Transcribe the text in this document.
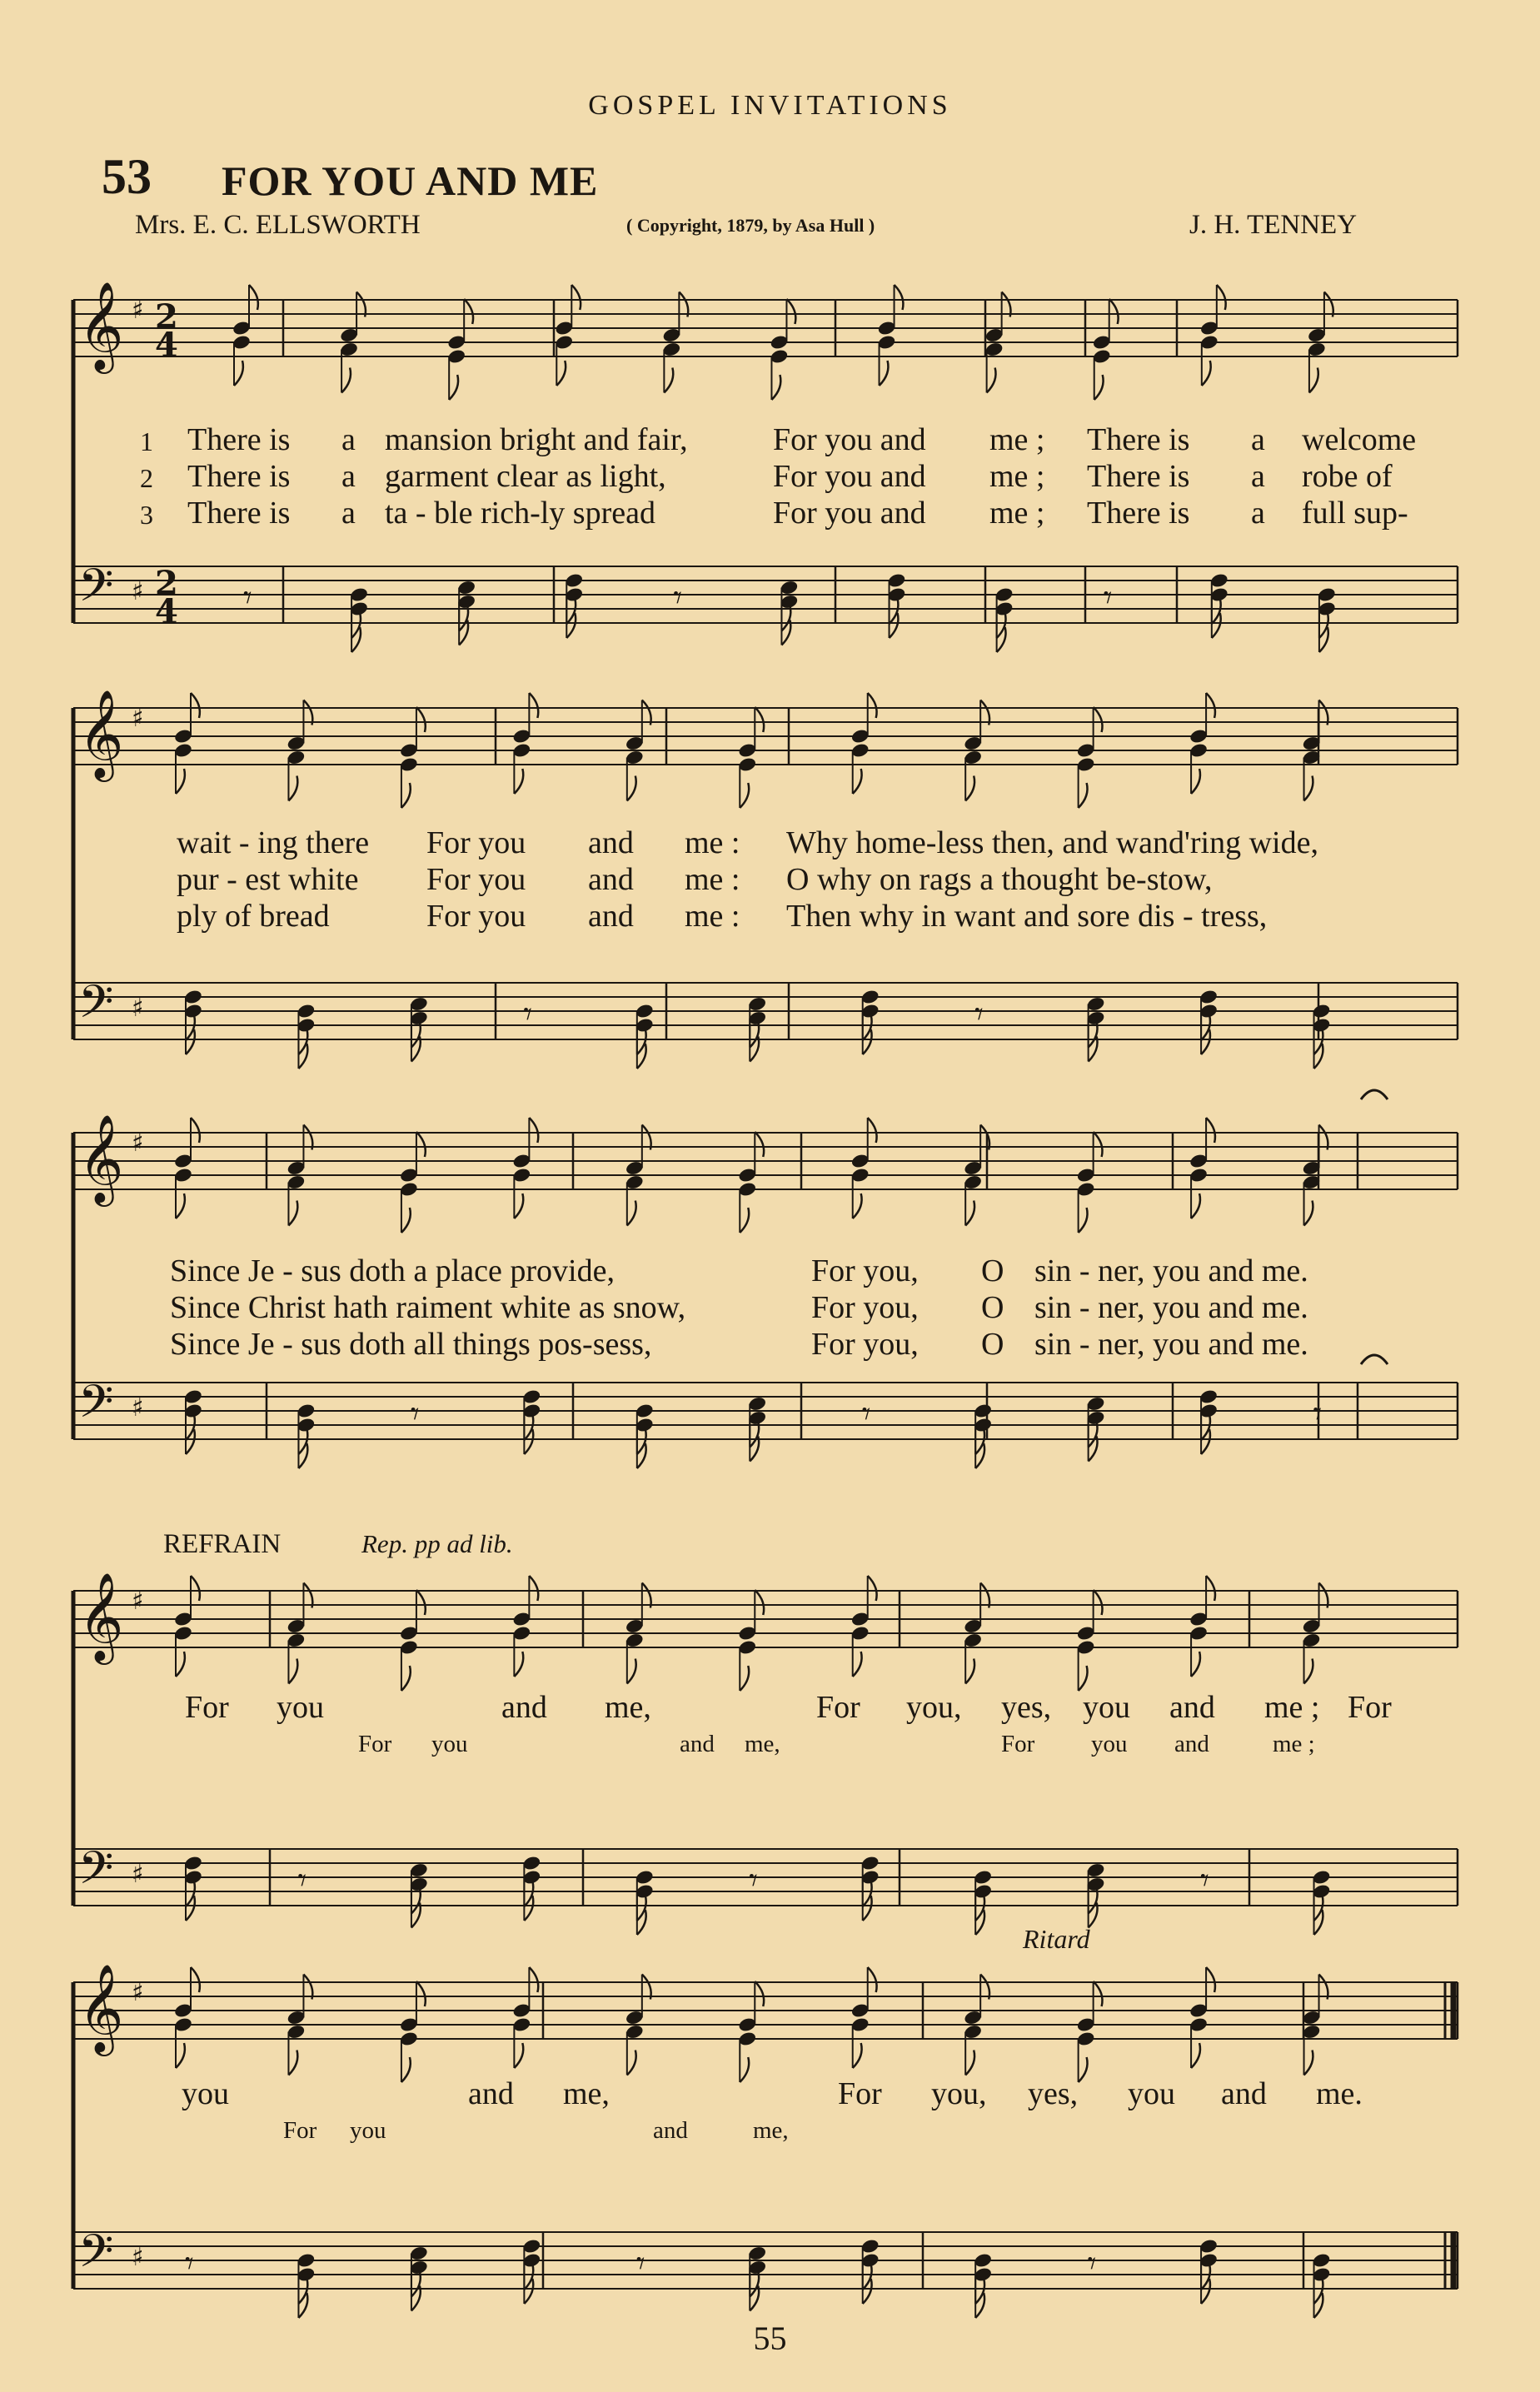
GOSPEL INVITATIONS
53 FOR YOU AND ME
Mrs. E. C. ELLSWORTH	( Copyright, 1879, by Asa Hull )	J. H. TENNEY
REFRAIN	Rep. pp ad lib.
Ritard
55
1
2
3
There is a mansion bright and fair,	For you and me ; There is a welcome
There is a garment clear as light,	For you and me ; There is a robe of
There is a ta - ble rich-ly spread	For you and me ; There is a full sup-
wait - ing there For you and me : Why home-less then, and wand'ring wide,
pur - est white For you and me : O why on rags a thought be-stow,
ply of bread	For you and me : Then why in want and sore dis - tress,
Since Je - sus doth a place provide,	For you, O sin - ner, you and me.
Since Christ hath raiment white as snow,	For you, O sin - ner, you and me.
Since Je - sus doth all things pos-sess,	For you, O sin - ner, you and me.
For you	and me,	For you, yes, you and me ; For
For you	and me,	For you and	me ;
you	and me,	For you, yes, you and me.
For you	and	me,
𝄞
𝄢
♯
♯
2
4
2
4 𝄾	𝄾	𝄾
𝄞
𝄢
♯
♯	𝄾	𝄾
𝄞
𝄢
♯
♯	𝄾	𝄾	𝄾
𝄞
𝄢
♯
♯	𝄾	𝄾	𝄾
𝄞
𝄢
♯
♯ 𝄾	𝄾	𝄾
